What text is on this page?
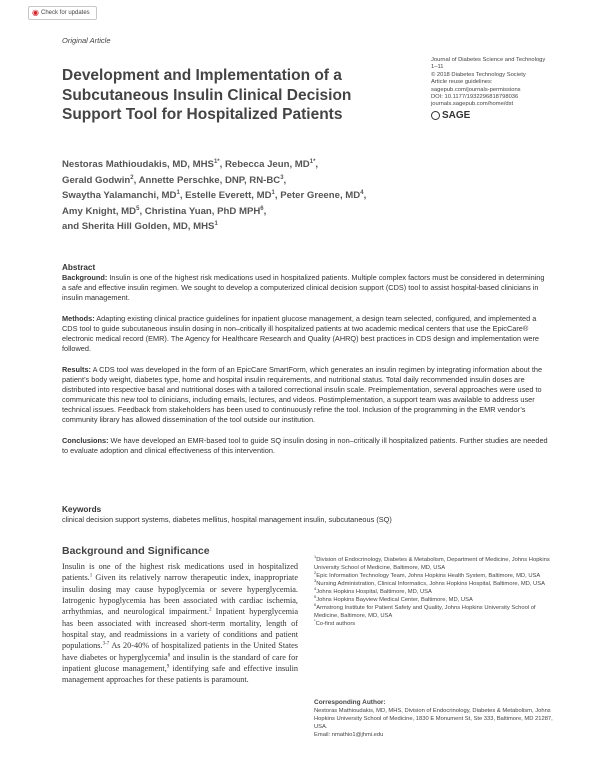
◉ Check for updates
Original Article
Development and Implementation of a Subcutaneous Insulin Clinical Decision Support Tool for Hospitalized Patients
Journal of Diabetes Science and Technology
1–11
© 2018 Diabetes Technology Society
Article reuse guidelines:
sagepub.com/journals-permissions
DOI: 10.1177/1932296818798036
journals.sagepub.com/home/dst
SAGE
Nestoras Mathioudakis, MD, $MHS^{1*}$, Rebecca Jeun, $MD^{1*}$,
Gerald Godwin$^2$, Annette Perschke, DNP, $RN-BC^3$,
Swaytha Yalamanchi, $MD^1$, Estelle Everett, $MD^1$, Peter Greene, $MD^4$,
Amy Knight, $MD^5$, Christina Yuan, PhD MPH$^6$,
and Sherita Hill Golden, MD, MHS$^1$
Abstract

Background: Insulin is one of the highest risk medications used in hospitalized patients. Multiple complex factors must be considered in determining a safe and effective insulin regimen. We sought to develop a computerized clinical decision support (CDS) tool to assist hospital-based clinicians in insulin management.

Methods: Adapting existing clinical practice guidelines for inpatient glucose management, a design team selected, configured, and implemented a CDS tool to guide subcutaneous insulin dosing in non–critically ill hospitalized patients at two academic medical centers that use the EpicCare® electronic medical record (EMR). The Agency for Healthcare Research and Quality (AHRQ) best practices in CDS design and implementation were followed.

Results: A CDS tool was developed in the form of an EpicCare SmartForm, which generates an insulin regimen by integrating information about the patient’s body weight, diabetes type, home and hospital insulin requirements, and nutritional status. Total daily recommended insulin doses are distributed into respective basal and nutritional doses with a tailored correctional insulin scale. Preimplementation, several approaches were used to communicate this new tool to clinicians, including emails, lectures, and videos. Postimplementation, a support team was available to address user technical issues. Feedback from stakeholders has been used to continuously refine the tool. Inclusion of the programming in the EMR vendor’s community library has allowed dissemination of the tool outside our institution.

Conclusions: We have developed an EMR-based tool to guide SQ insulin dosing in non–critically ill hospitalized patients. Further studies are needed to evaluate adoption and clinical effectiveness of this intervention.

Keywords
clinical decision support systems, diabetes mellitus, hospital management insulin, subcutaneous (SQ)
Background and Significance

Insulin is one of the highest risk medications used in hospitalized patients.$^1$ Given its relatively narrow therapeutic index, inappropriate insulin dosing may cause hypoglycemia or severe hyperglycemia. Iatrogenic hypoglycemia has been associated with cardiac ischemia, arrhythmias, and neurological impairment.$^2$ Inpatient hyperglycemia has been associated with increased short-term mortality, length of hospital stay, and readmissions in a variety of conditions and patient populations.$^{3-7}$ As 20-40% of hospitalized patients in the United States have diabetes or hyperglycemia$^8$ and insulin is the standard of care for inpatient glucose management,$^9$ identifying safe and effective insulin management approaches for these patients is paramount.

$^1$Division of Endocrinology, Diabetes & Metabolism, Department of Medicine, Johns Hopkins University School of Medicine, Baltimore, MD, USA
$^2$Epic Information Technology Team, Johns Hopkins Health System, Baltimore, MD, USA
$^3$Nursing Administration, Clinical Informatics, Johns Hopkins Hospital, Baltimore, MD, USA
$^4$Johns Hopkins Hospital, Baltimore, MD, USA
$^5$Johns Hopkins Bayview Medical Center, Baltimore, MD, USA
$^6$Armstrong Institute for Patient Safety and Quality, Johns Hopkins University School of Medicine, Baltimore, MD, USA
*Co-first authors
Corresponding Author:
Nestoras Mathioudakis, MD, MHS, Division of Endocrinology, Diabetes & Metabolism, Johns Hopkins University School of Medicine, 1830 E Monument St, Ste 333, Baltimore, MD 21287, USA.
Email: nmathio1@jhmi.edu
